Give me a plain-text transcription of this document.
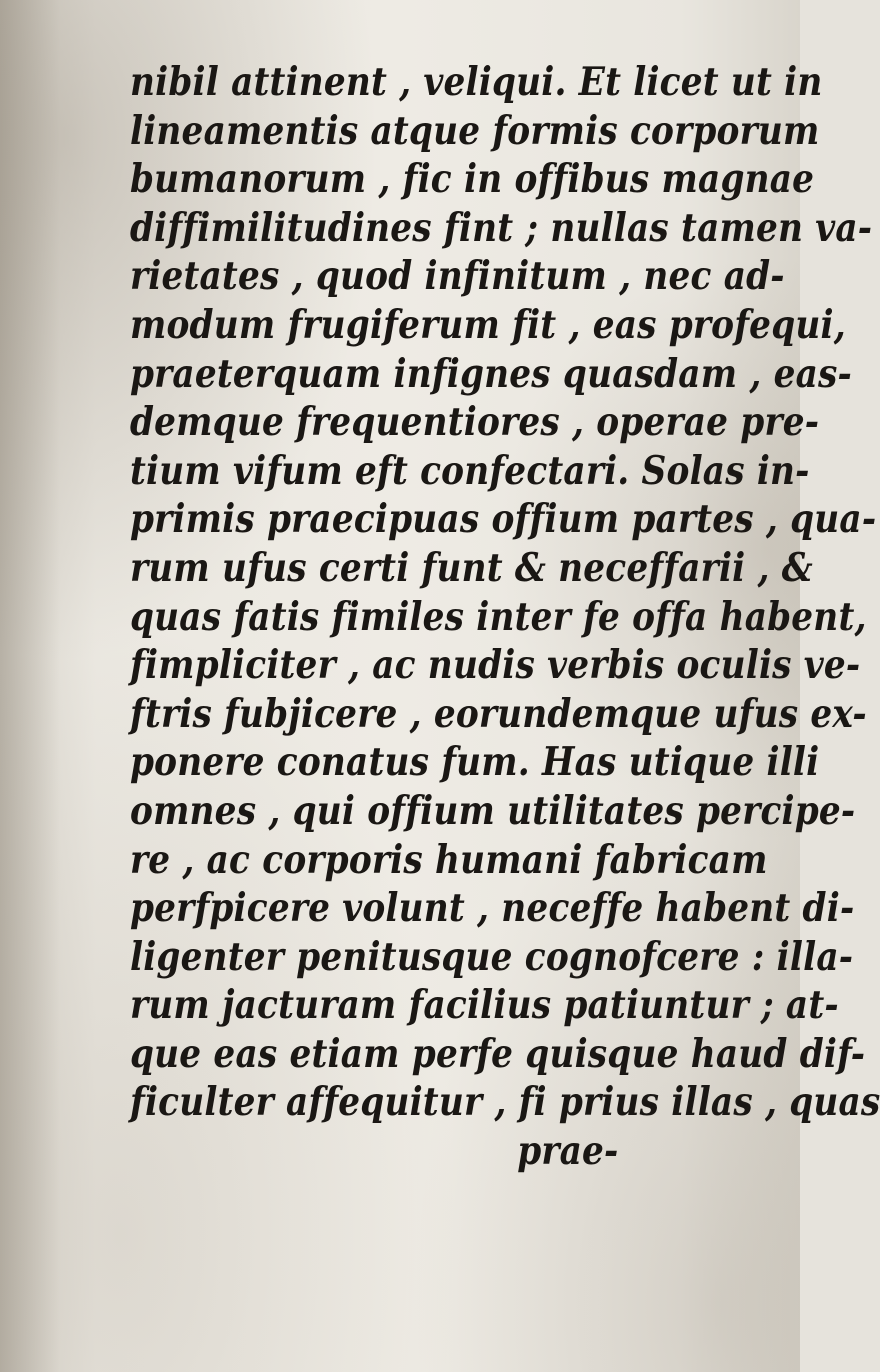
nibil attinent , veliqui. Et licet ut in
lineamentis atque formis corporum
bumanorum , fic in offibus magnae
diffimilitudines fint ; nullas tamen va-
rietates , quod infinitum , nec ad-
modum frugiferum fit , eas profequi,
praeterquam infignes quasdam , eas-
demque frequentiores , operae pre-
tium vifum eft confectari. Solas in-
primis praecipuas offium partes , qua-
rum ufus certi funt & neceffarii , &
quas fatis fimiles inter fe offa habent,
fimpliciter , ac nudis verbis oculis ve-
ftris fubjicere , eorundemque ufus ex-
ponere conatus fum. Has utique illi
omnes , qui offium utilitates percipe-
re , ac corporis humani fabricam
perfpicere volunt , neceffe habent di-
ligenter penitusque cognofcere : illa-
rum jacturam facilius patiuntur ; at-
que eas etiam perfe quisque haud dif-
ficulter affequitur , fi prius illas , quas
prae-
